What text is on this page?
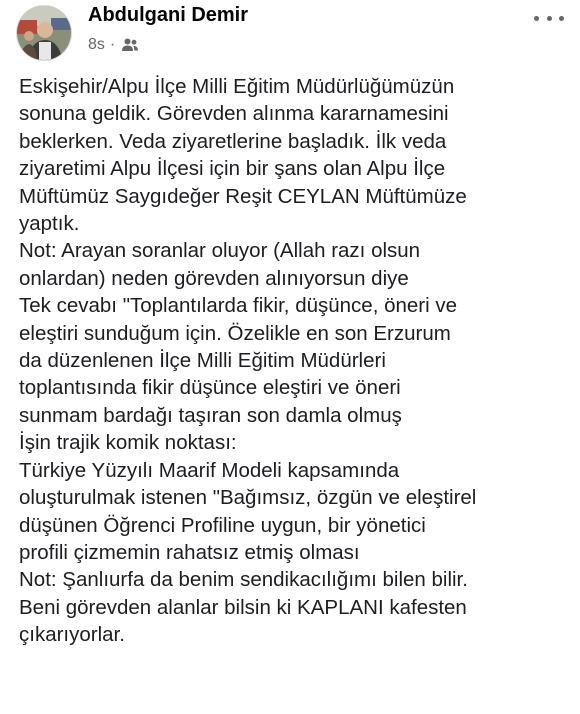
Abdulgani Demir
8s ·
Eskişehir/Alpu İlçe Milli Eğitim Müdürlüğümüzün
sonuna geldik. Görevden alınma kararnamesini
beklerken. Veda ziyaretlerine başladık. İlk veda
ziyaretimi Alpu İlçesi için bir şans olan Alpu İlçe
Müftümüz Saygıdeğer Reşit CEYLAN Müftümüze
yaptık.
Not: Arayan soranlar oluyor (Allah razı olsun
onlardan) neden görevden alınıyorsun diye
Tek cevabı "Toplantılarda fikir, düşünce, öneri ve
eleştiri sunduğum için. Özelikle en son Erzurum
da düzenlenen İlçe Milli Eğitim Müdürleri
toplantısında fikir düşünce eleştiri ve öneri
sunmam bardağı taşıran son damla olmuş
İşin trajik komik noktası:
Türkiye Yüzyılı Maarif Modeli kapsamında
oluşturulmak istenen "Bağımsız, özgün ve eleştirel
düşünen Öğrenci Profiline uygun, bir yönetici
profili çizmemin rahatsız etmiş olması
Not: Şanlıurfa da benim sendikacılığımı bilen bilir.
Beni görevden alanlar bilsin ki KAPLANI kafesten
çıkarıyorlar.
